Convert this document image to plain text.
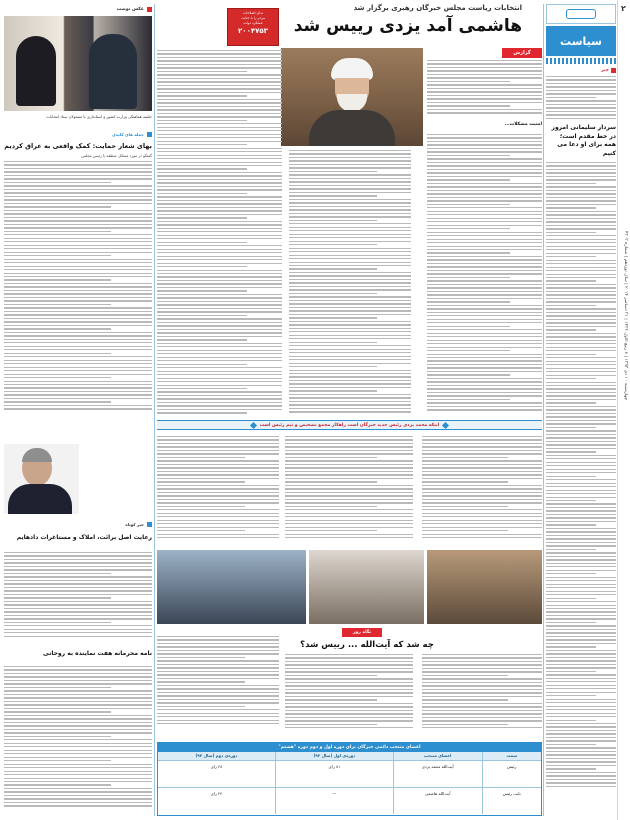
۲
چهارشنبه ۱۰ دی ۱۳۹۳ | ۸ ربیع الاول ۱۴۳۶ | ۳۱ دسامبر ۲۰۱۴ | سال نوزدهم | شماره ۴۳۰۳
سیاست
خبر
سردار سلیمانی امروز در خط مقدم است؛ همه برای او دعا می کنیم
عکس نوشت
جلسه هماهنگی وزارت کشور و استانداری با مسئولان ستاد انتخابات
جمله های کلیدی
بهای شعار حمایت: کمک واقعی به عراق کردیم
گفتگو در مورد مسائل منطقه با رئیس مجلس
خبر کوتاه
رعایت اصل برائت، املاک و مستاغرات دادهایم
نامه محرمانه هفت نماینده به روحانی
انتخابات ریاست مجلس خبرگان رهبری برگزار شد
هاشمی آمد یزدی رییس شد
ندای اصلاحات
مردم را با جنایت
عملکرد دولت
۲۰۰۴۷۵۳
گزارش
امنیت مشکلات...
اینکه محمد یزدی رئیس جدید خبرگان است راهکار مجمع تشخیص و تیم رئیس است
نگاه روز
چه شد که آیت‌الله ... رییس شد؟
اعضای منتخب دائمی خبرگان برای دوره اول و دوم دوره "هشتم"
سمت
اعضای منتخب
دوره‌ی اول (سال ۹۲)
دوره‌ی دوم (سال ۹۳)
رئیس
آیت‌الله محمد یزدی
۸۱ رای
۴۸ رای
نایب رئیس
آیت‌الله هاشمی
—
۲۴ رای
